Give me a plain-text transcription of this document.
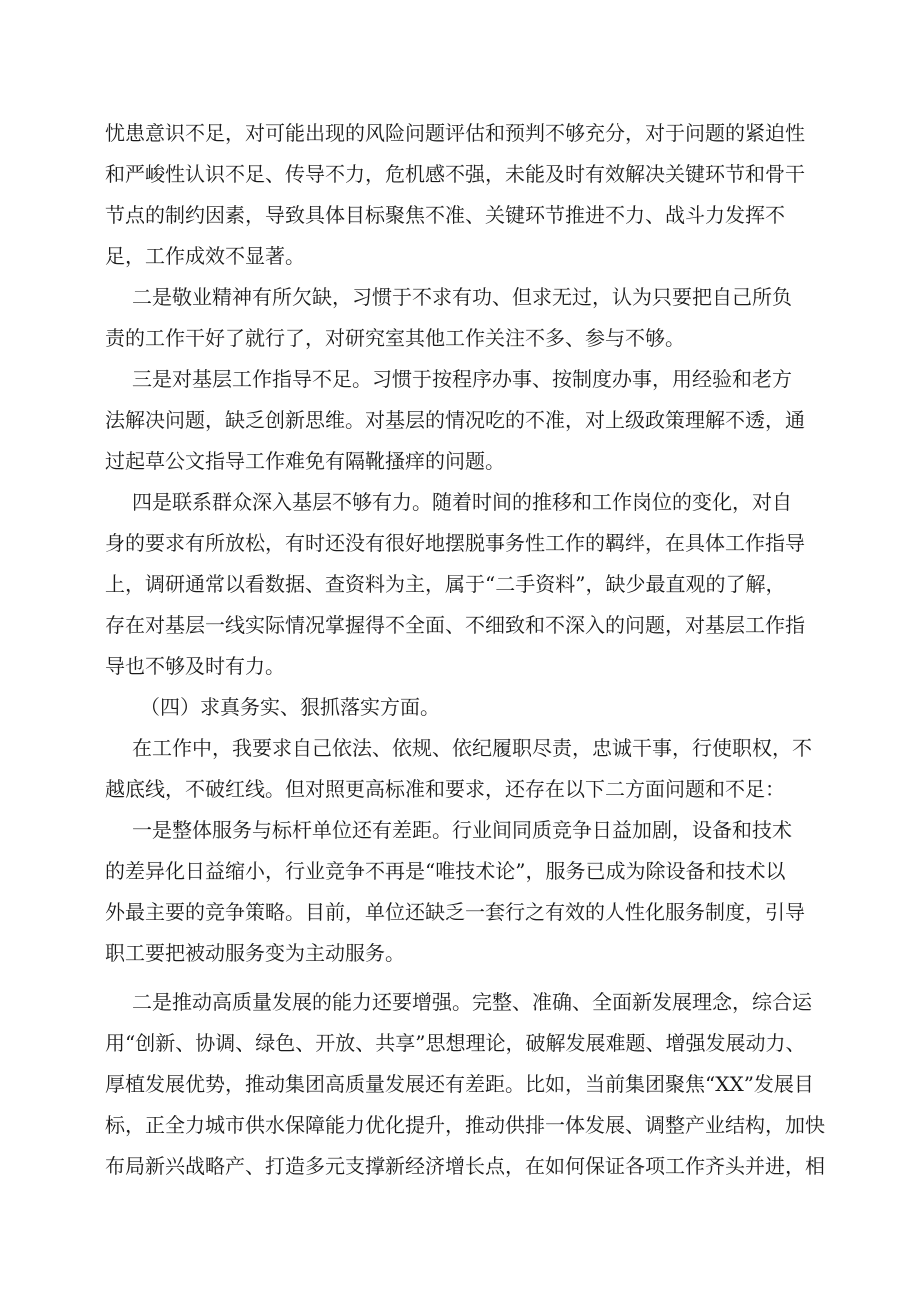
忧患意识不足，对可能出现的风险问题评估和预判不够充分，对于问题的紧迫性
和严峻性认识不足、传导不力，危机感不强，未能及时有效解决关键环节和骨干
节点的制约因素，导致具体目标聚焦不准、关键环节推进不力、战斗力发挥不
足，工作成效不显著。
二是敬业精神有所欠缺，习惯于不求有功、但求无过，认为只要把自己所负
责的工作干好了就行了，对研究室其他工作关注不多、参与不够。
三是对基层工作指导不足。习惯于按程序办事、按制度办事，用经验和老方
法解决问题，缺乏创新思维。对基层的情况吃的不准，对上级政策理解不透，通
过起草公文指导工作难免有隔靴搔痒的问题。
四是联系群众深入基层不够有力。随着时间的推移和工作岗位的变化，对自
身的要求有所放松，有时还没有很好地摆脱事务性工作的羁绊，在具体工作指导
上，调研通常以看数据、查资料为主，属于“二手资料”，缺少最直观的了解，
存在对基层一线实际情况掌握得不全面、不细致和不深入的问题，对基层工作指
导也不够及时有力。
（四）求真务实、狠抓落实方面。
在工作中，我要求自己依法、依规、依纪履职尽责，忠诚干事，行使职权，不
越底线，不破红线。但对照更高标准和要求，还存在以下二方面问题和不足：
一是整体服务与标杆单位还有差距。行业间同质竞争日益加剧，设备和技术
的差异化日益缩小，行业竞争不再是“唯技术论”，服务已成为除设备和技术以
外最主要的竞争策略。目前，单位还缺乏一套行之有效的人性化服务制度，引导
职工要把被动服务变为主动服务。
二是推动高质量发展的能力还要增强。完整、准确、全面新发展理念，综合运
用“创新、协调、绿色、开放、共享”思想理论，破解发展难题、增强发展动力、
厚植发展优势，推动集团高质量发展还有差距。比如，当前集团聚焦“XX”发展目
标，正全力城市供水保障能力优化提升，推动供排一体发展、调整产业结构，加快
布局新兴战略产、打造多元支撑新经济增长点，在如何保证各项工作齐头并进，相
